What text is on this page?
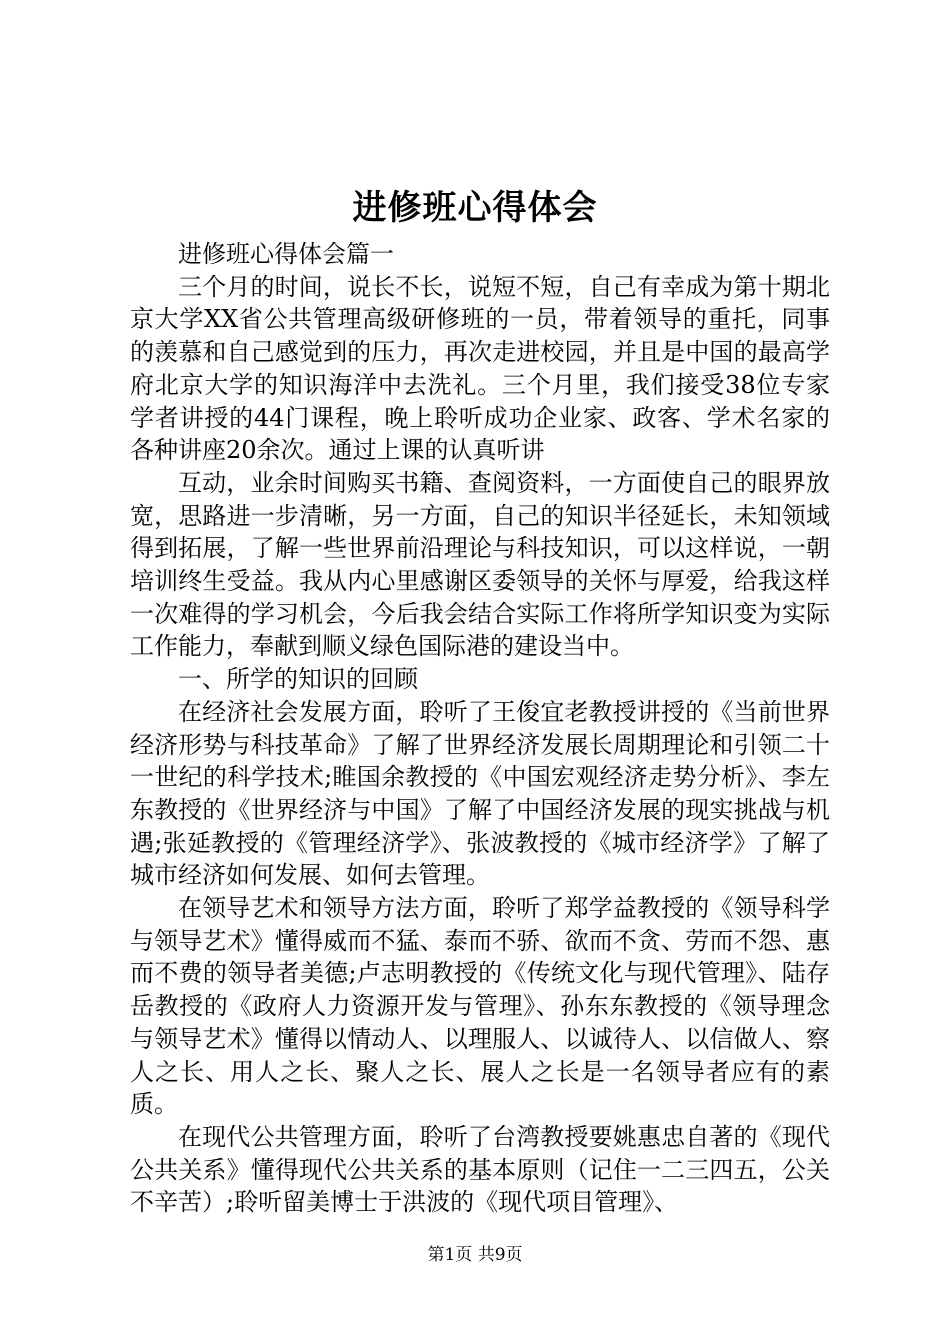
进修班心得体会

进修班心得体会篇一

三个月的时间，说长不长，说短不短，自己有幸成为第十期北京大学XX省公共管理高级研修班的一员，带着领导的重托，同事的羡慕和自己感觉到的压力，再次走进校园，并且是中国的最高学府北京大学的知识海洋中去洗礼。三个月里，我们接受38位专家学者讲授的44门课程，晚上聆听成功企业家、政客、学术名家的各种讲座20余次。通过上课的认真听讲

互动，业余时间购买书籍、查阅资料，一方面使自己的眼界放宽，思路进一步清晰，另一方面，自己的知识半径延长，未知领域得到拓展，了解一些世界前沿理论与科技知识，可以这样说，一朝培训终生受益。我从内心里感谢区委领导的关怀与厚爱，给我这样一次难得的学习机会，今后我会结合实际工作将所学知识变为实际工作能力，奉献到顺义绿色国际港的建设当中。

一、所学的知识的回顾

在经济社会发展方面，聆听了王俊宜老教授讲授的《当前世界经济形势与科技革命》了解了世界经济发展长周期理论和引领二十一世纪的科学技术;睢国余教授的《中国宏观经济走势分析》、李左东教授的《世界经济与中国》了解了中国经济发展的现实挑战与机遇;张延教授的《管理经济学》、张波教授的《城市经济学》了解了城市经济如何发展、如何去管理。

在领导艺术和领导方法方面，聆听了郑学益教授的《领导科学与领导艺术》懂得威而不猛、泰而不骄、欲而不贪、劳而不怨、惠而不费的领导者美德;卢志明教授的《传统文化与现代管理》、陆存岳教授的《政府人力资源开发与管理》、孙东东教授的《领导理念与领导艺术》懂得以情动人、以理服人、以诚待人、以信做人、察人之长、用人之长、聚人之长、展人之长是一名领导者应有的素质。

在现代公共管理方面，聆听了台湾教授要姚惠忠自著的《现代公共关系》懂得现代公共关系的基本原则（记住一二三四五，公关不辛苦）;聆听留美博士于洪波的《现代项目管理》、

第1页 共9页
